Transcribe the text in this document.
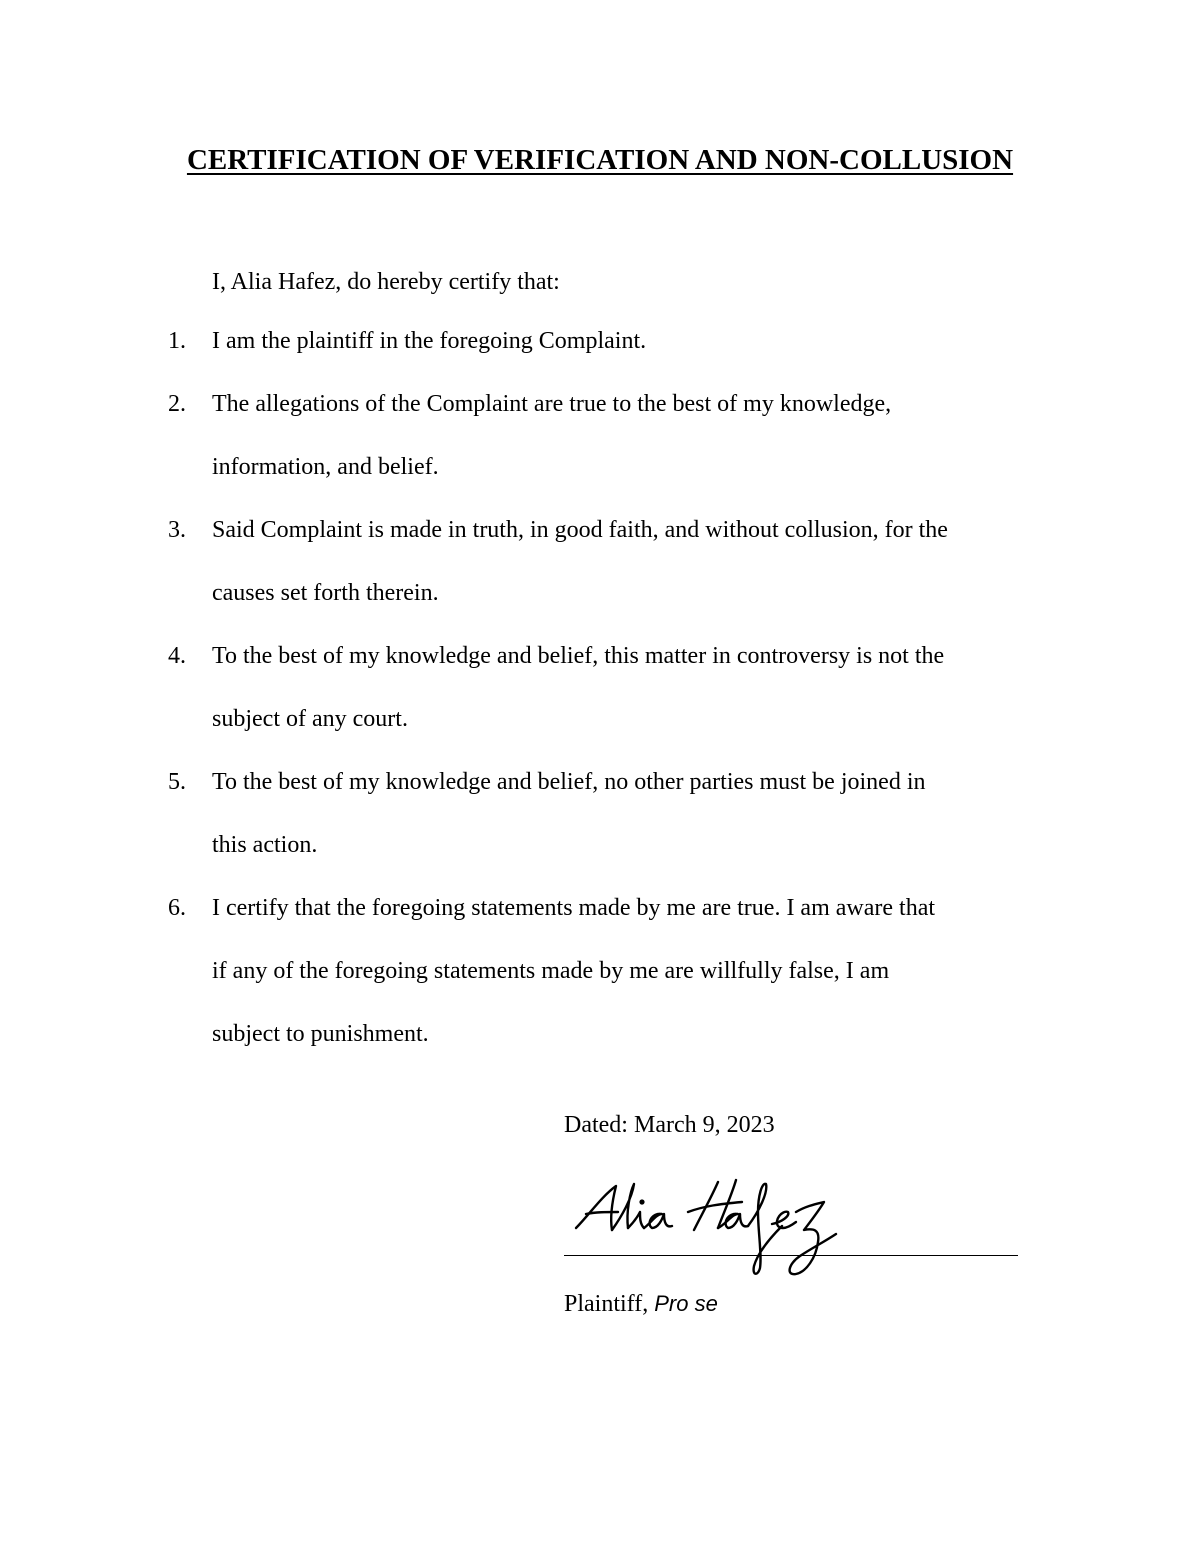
CERTIFICATION OF VERIFICATION AND NON-COLLUSION
I, Alia Hafez, do hereby certify that:
1. I am the plaintiff in the foregoing Complaint.
2. The allegations of the Complaint are true to the best of my knowledge,
information, and belief.
3. Said Complaint is made in truth, in good faith, and without collusion, for the
causes set forth therein.
4. To the best of my knowledge and belief, this matter in controversy is not the
subject of any court.
5. To the best of my knowledge and belief, no other parties must be joined in
this action.
6. I certify that the foregoing statements made by me are true. I am aware that
if any of the foregoing statements made by me are willfully false, I am
subject to punishment.
Dated: March 9, 2023
Plaintiff, Pro se
